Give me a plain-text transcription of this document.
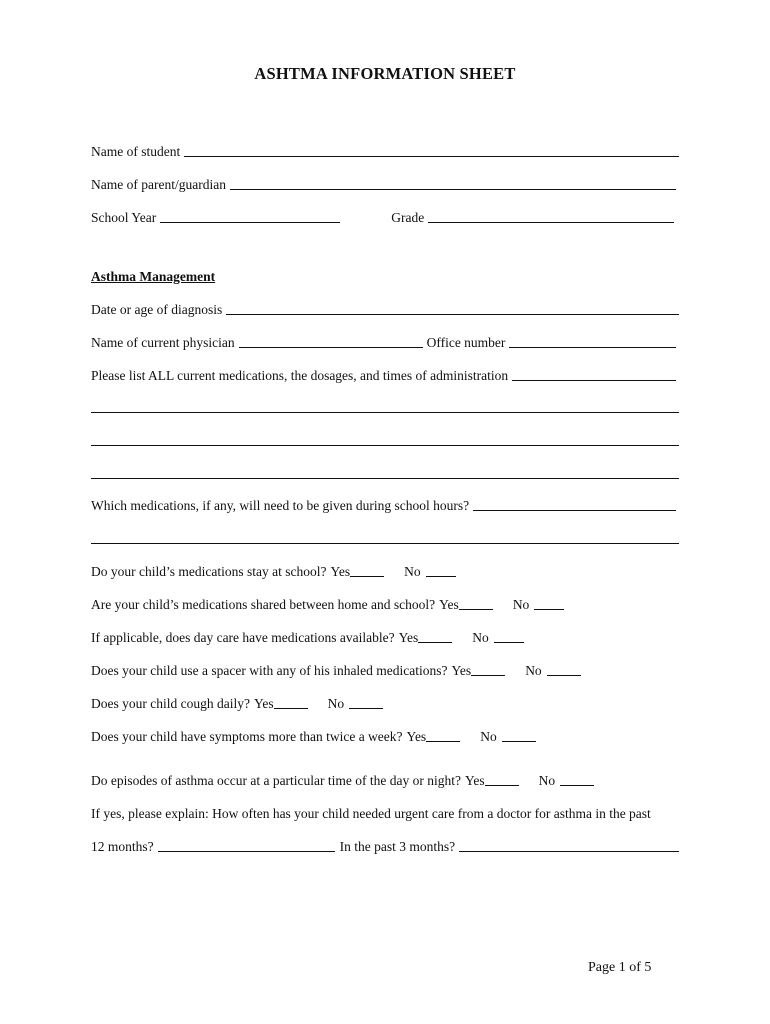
ASHTMA INFORMATION SHEET
Name of student
Name of parent/guardian
School Year	Grade
Asthma Management
Date or age of diagnosis
Name of current physician	Office number
Please list ALL current medications, the dosages, and times of administration
Which medications, if any, will need to be given during school hours?
Do your child’s medications stay at school? Yes	No
Are your child’s medications shared between home and school? Yes	No
If applicable, does day care have medications available? Yes	No
Does your child use a spacer with any of his inhaled medications? Yes	No
Does your child cough daily? Yes	No
Does your child have symptoms more than twice a week? Yes	No
Do episodes of asthma occur at a particular time of the day or night? Yes	No
If yes, please explain: How often has your child needed urgent care from a doctor for asthma in the past
12 months?	In the past 3 months?
Page 1 of 5
